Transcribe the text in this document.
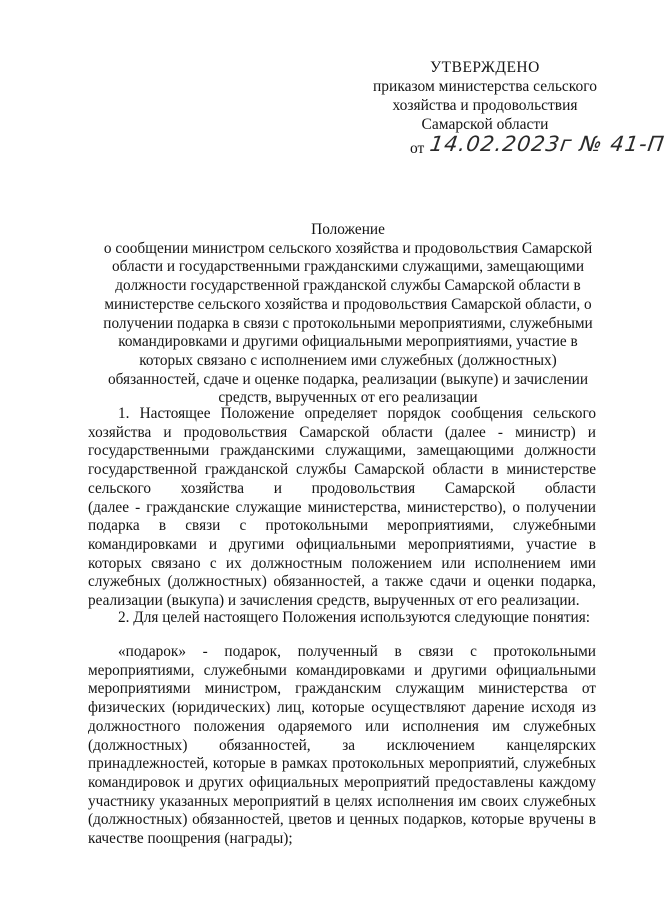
УТВЕРЖДЕНО
приказом министерства сельского
хозяйства и продовольствия
Самарской области
от 14.02.2023г № 41-П

Положение

о сообщении министром сельского хозяйства и продовольствия Самарской

области и государственными гражданскими служащими, замещающими

должности государственной гражданской службы Самарской области в

министерстве сельского хозяйства и продовольствия Самарской области, о

получении подарка в связи с протокольными мероприятиями, служебными

командировками и другими официальными мероприятиями, участие в

которых связано с исполнением ими служебных (должностных)

обязанностей, сдаче и оценке подарка, реализации (выкупе) и зачислении

средств, вырученных от его реализации

1. Настоящее Положение определяет порядок сообщения сельского

хозяйства и продовольствия Самарской области (далее - министр) и

государственными гражданскими служащими, замещающими должности

государственной гражданской службы Самарской области в министерстве

сельского хозяйства и продовольствия Самарской области

(далее - гражданские служащие министерства, министерство), о получении

подарка в связи с протокольными мероприятиями, служебными

командировками и другими официальными мероприятиями, участие в

которых связано с их должностным положением или исполнением ими

служебных (должностных) обязанностей, а также сдачи и оценки подарка,

реализации (выкупа) и зачисления средств, вырученных от его реализации.

2. Для целей настоящего Положения используются следующие понятия:

«подарок» - подарок, полученный в связи с протокольными

мероприятиями, служебными командировками и другими официальными

мероприятиями министром, гражданским служащим министерства от

физических (юридических) лиц, которые осуществляют дарение исходя из

должностного положения одаряемого или исполнения им служебных

(должностных) обязанностей, за исключением канцелярских

принадлежностей, которые в рамках протокольных мероприятий, служебных

командировок и других официальных мероприятий предоставлены каждому

участнику указанных мероприятий в целях исполнения им своих служебных

(должностных) обязанностей, цветов и ценных подарков, которые вручены в

качестве поощрения (награды);
